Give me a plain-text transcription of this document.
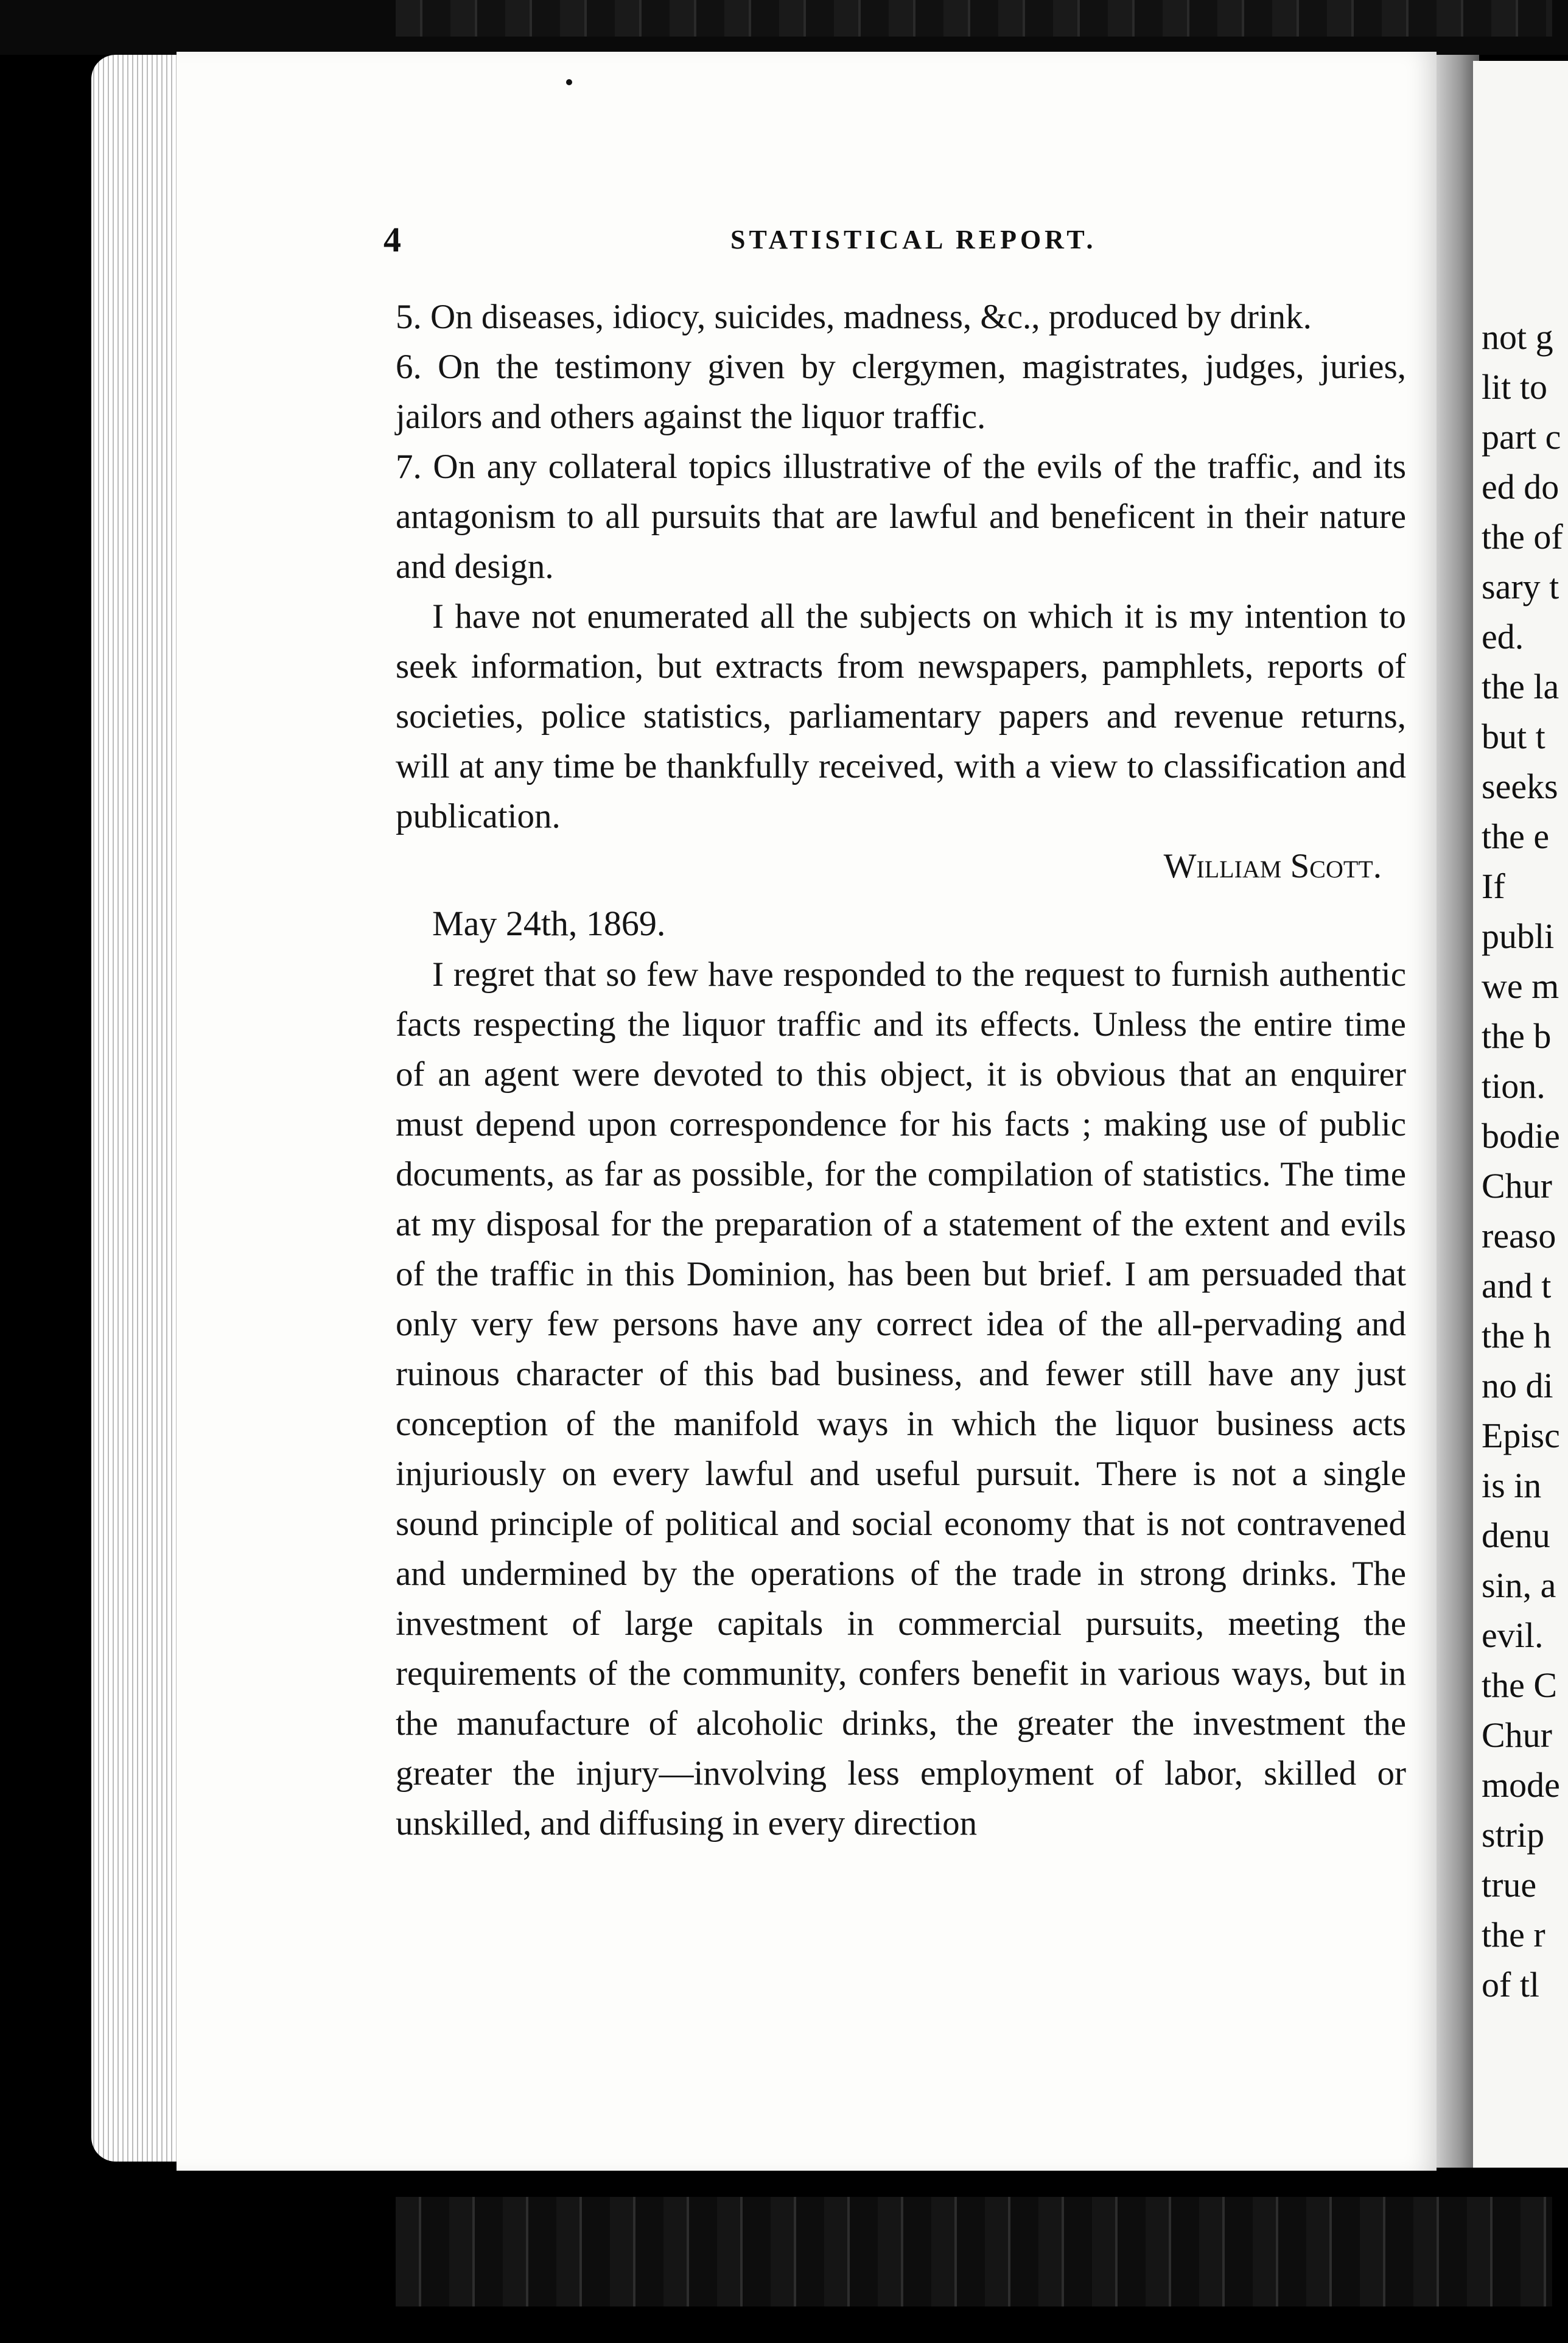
4	STATISTICAL REPORT.

5. On diseases, idiocy, suicides, madness, &c., produced by drink.

6. On the testimony given by clergymen, magistrates, judges, juries, jailors and others against the liquor traffic.

7. On any collateral topics illustrative of the evils of the traffic, and its antagonism to all pursuits that are lawful and beneficent in their nature and design.

I have not enumerated all the subjects on which it is my intention to seek information, but extracts from newspapers, pamphlets, reports of societies, police statistics, parliamentary papers and revenue returns, will at any time be thankfully received, with a view to classification and publication.

William Scott.

May 24th, 1869.

I regret that so few have responded to the request to furnish authentic facts respecting the liquor traffic and its effects. Unless the entire time of an agent were devoted to this object, it is obvious that an enquirer must depend upon correspondence for his facts ; making use of public documents, as far as possible, for the compilation of statistics. The time at my disposal for the preparation of a statement of the extent and evils of the traffic in this Dominion, has been but brief. I am persuaded that only very few persons have any correct idea of the all-pervading and ruinous character of this bad business, and fewer still have any just conception of the manifold ways in which the liquor business acts injuriously on every lawful and useful pursuit. There is not a single sound principle of political and social economy that is not contravened and undermined by the operations of the trade in strong drinks. The investment of large capitals in commercial pursuits, meeting the requirements of the community, confers benefit in various ways, but in the manufacture of alcoholic drinks, the greater the investment the greater the injury—involving less employment of labor, skilled or unskilled, and diffusing in every direction

not g
lit to
part c
ed do
the of
sary t
ed.
the la
but t
seeks
the e
If
publi
we m
the b
tion.
bodie
Chur
reaso
and t
the h
no di
Episc
is in
denu
sin, a
evil.
the C
Chur
mode
strip
true
the r
of tl
